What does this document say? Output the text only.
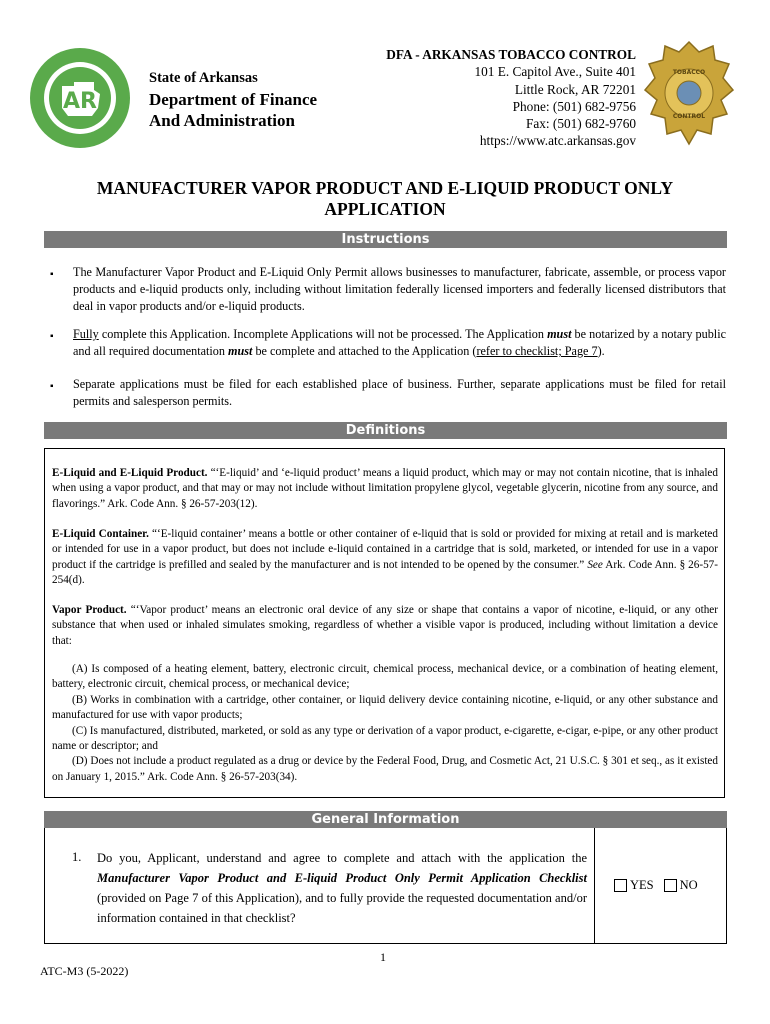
AR
State of Arkansas
Department of Finance
And Administration
DFA - ARKANSAS TOBACCO CONTROL
101 E. Capitol Ave., Suite 401
Little Rock, AR 72201
Phone: (501) 682-9756
Fax: (501) 682-9760
https://www.atc.arkansas.gov
TOBACCO
CONTROL
MANUFACTURER VAPOR PRODUCT AND E-LIQUID PRODUCT ONLY
APPLICATION
Instructions
▪ The Manufacturer Vapor Product and E-Liquid Only Permit allows businesses to manufacturer, fabricate, assemble, or process vapor products and e-liquid products only, including without limitation federally licensed importers and federally licensed distributors that deal in vapor products and/or e-liquid products.
▪ Fully complete this Application. Incomplete Applications will not be processed. The Application must be notarized by a notary public and all required documentation must be complete and attached to the Application (refer to checklist; Page 7).
▪ Separate applications must be filed for each established place of business. Further, separate applications must be filed for retail permits and salesperson permits.
Definitions
E-Liquid and E-Liquid Product. “‘E-liquid’ and ‘e-liquid product’ means a liquid product, which may or may not contain nicotine, that is inhaled when using a vapor product, and that may or may not include without limitation propylene glycol, vegetable glycerin, nicotine from any source, and flavorings.” Ark. Code Ann. § 26-57-203(12).
E-Liquid Container. “‘E-liquid container’ means a bottle or other container of e-liquid that is sold or provided for mixing at retail and is marketed or intended for use in a vapor product, but does not include e-liquid contained in a cartridge that is sold, marketed, or intended for use in a vapor product if the cartridge is prefilled and sealed by the manufacturer and is not intended to be opened by the consumer.” See Ark. Code Ann. § 26-57-254(d).
Vapor Product. “‘Vapor product’ means an electronic oral device of any size or shape that contains a vapor of nicotine, e-liquid, or any other substance that when used or inhaled simulates smoking, regardless of whether a visible vapor is produced, including without limitation a device that:

(A) Is composed of a heating element, battery, electronic circuit, chemical process, mechanical device, or a combination of heating element, battery, electronic circuit, chemical process, or mechanical device;

(B) Works in combination with a cartridge, other container, or liquid delivery device containing nicotine, e-liquid, or any other substance and manufactured for use with vapor products;

(C) Is manufactured, distributed, marketed, or sold as any type or derivation of a vapor product, e-cigarette, e-cigar, e-pipe, or any other product name or descriptor; and

(D) Does not include a product regulated as a drug or device by the Federal Food, Drug, and Cosmetic Act, 21 U.S.C. § 301 et seq., as it existed on January 1, 2015.” Ark. Code Ann. § 26-57-203(34).

General Information
1. Do you, Applicant, understand and agree to complete and attach with the application the Manufacturer Vapor Product and E-liquid Product Only Permit Application Checklist (provided on Page 7 of this Application), and to fully provide the requested documentation and/or information contained in that checklist?
YES NO
1
ATC-M3 (5-2022)
